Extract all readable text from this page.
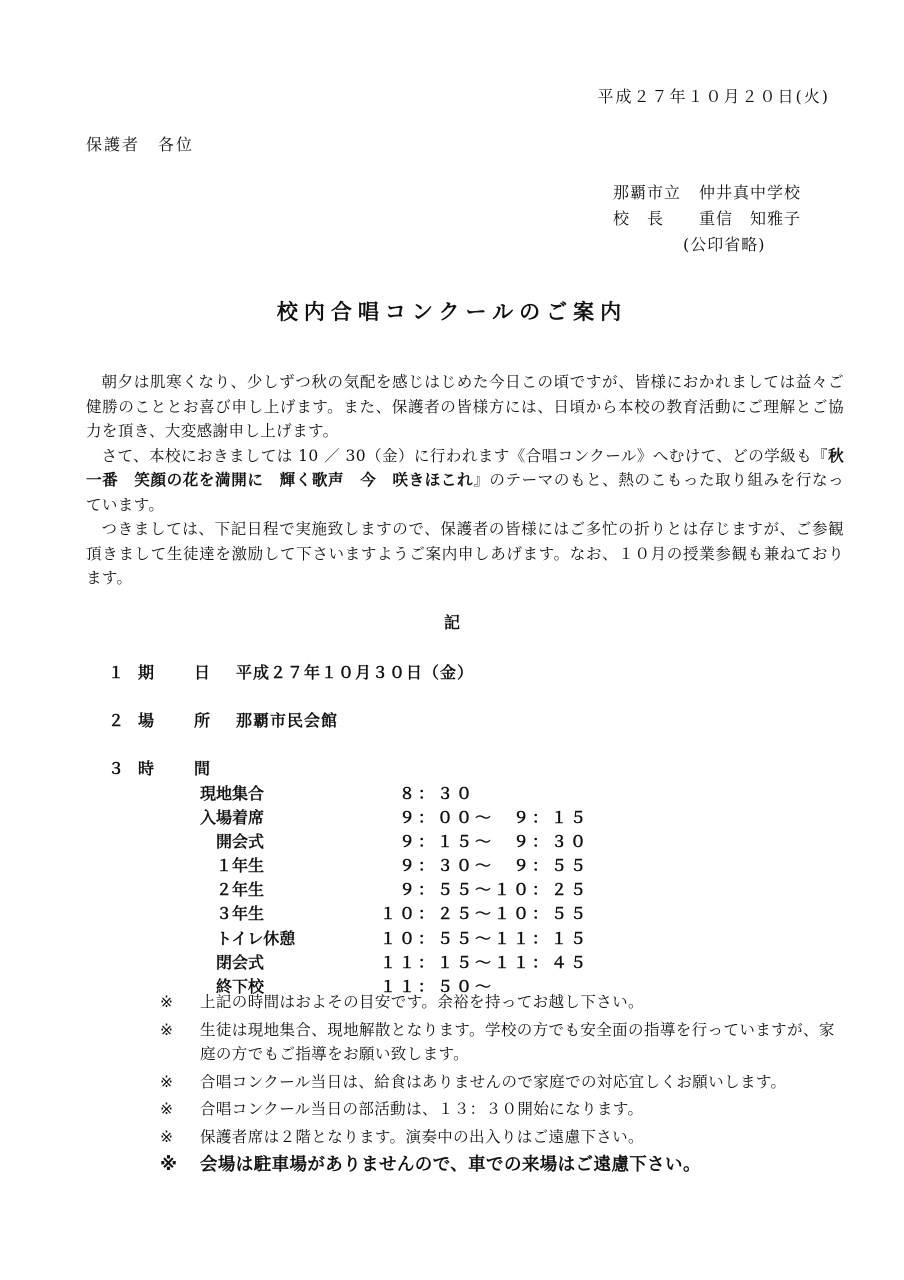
平成２７年１０月２０日(火)
保護者　各位
那覇市立	仲井真中学校
校　長	重信　知雅子
(公印省略)
校内合唱コンクールのご案内

朝夕は肌寒くなり、少しずつ秋の気配を感じはじめた今日この頃ですが、皆様におかれましては益々ご健勝のこととお喜び申し上げます。また、保護者の皆様方には、日頃から本校の教育活動にご理解とご協力を頂き、大変感謝申し上げます。

さて、本校におきましては 10 ／ 30（金）に行われます《合唱コンクール》へむけて、どの学級も『秋一番　笑顔の花を満開に　輝く歌声　今　咲きほこれ』のテーマのもと、熱のこもった取り組みを行なっています。

つきましては、下記日程で実施致しますので、保護者の皆様にはご多忙の折りとは存じますが、ご参観頂きまして生徒達を激励して下さいますようご案内申しあげます。なお、１０月の授業参観も兼ねております。

記
１ 期　日 平成２７年１０月３０日（金）
２ 場　所 那覇市民会館
３ 時　間
現地集合	　８：３０
入場着席	　９：００〜　９：１５
　開会式	　９：１５〜　９：３０
　１年生	　９：３０〜　９：５５
　２年生	　９：５５〜１０：２５
　３年生	１０：２５〜１０：５５
　トイレ休憩	１０：５５〜１１：１５
　閉会式	１１：１５〜１１：４５
　終下校	１１：５０〜
※	上記の時間はおよその目安です。余裕を持ってお越し下さい。
※	生徒は現地集合、現地解散となります。学校の方でも安全面の指導を行っていますが、家庭の方でもご指導をお願い致します。
※	合唱コンクール当日は、給食はありませんので家庭での対応宜しくお願いします。
※	合唱コンクール当日の部活動は、１３：３０開始になります。
※	保護者席は２階となります。演奏中の出入りはご遠慮下さい。
※	会場は駐車場がありませんので、車での来場はご遠慮下さい。
